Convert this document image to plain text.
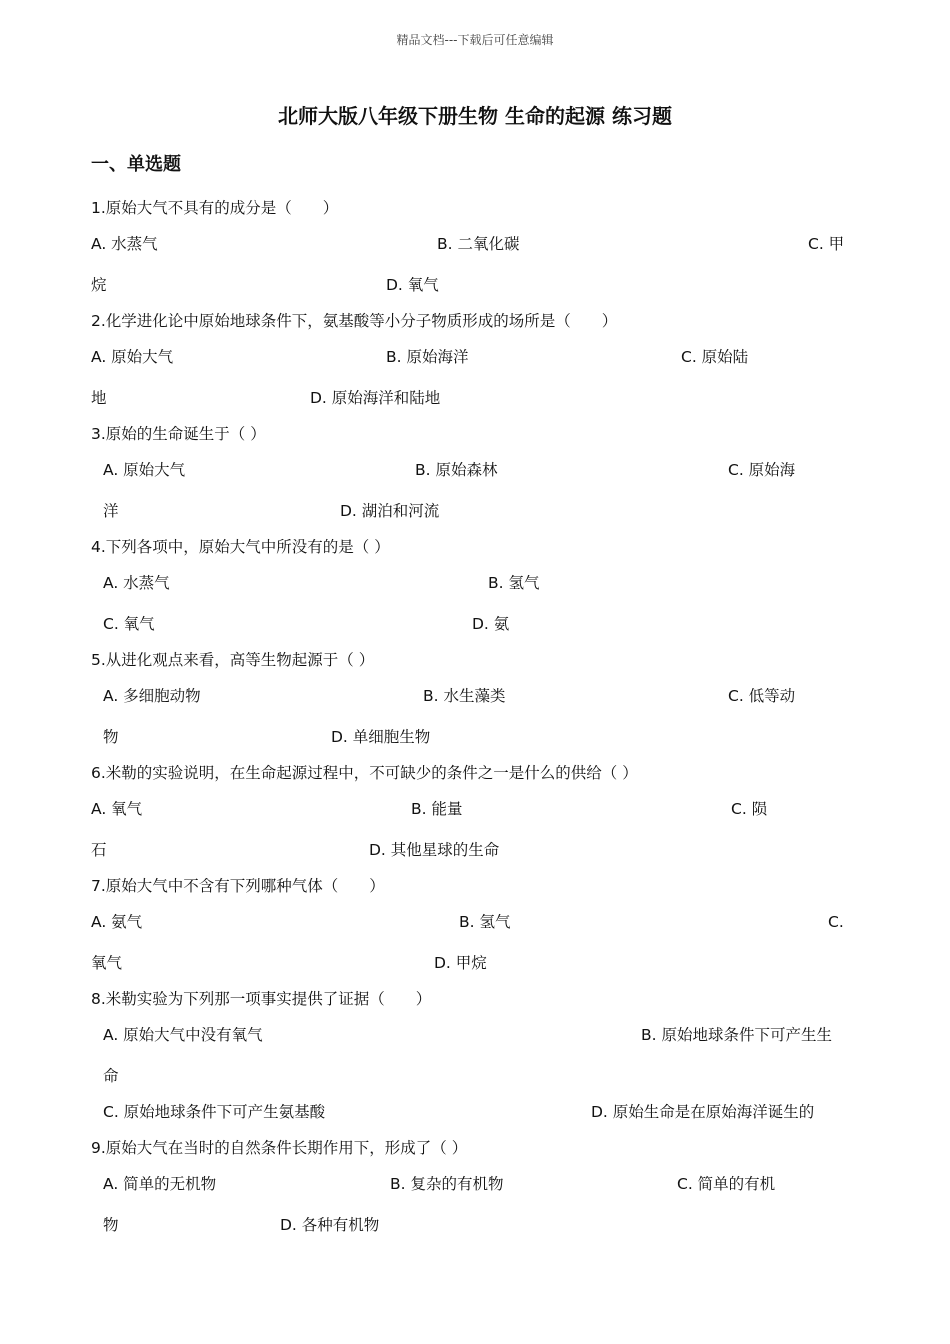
精品文档---下载后可任意编辑
北师大版八年级下册生物 生命的起源 练习题
一、单选题
1.原始大气不具有的成分是（　　）
A. 水蒸气	B. 二氧化碳	C. 甲
烷	D. 氧气
2.化学进化论中原始地球条件下，氨基酸等小分子物质形成的场所是（　　）
A. 原始大气	B. 原始海洋	C. 原始陆
地	D. 原始海洋和陆地
3.原始的生命诞生于（ ）
A. 原始大气	B. 原始森林	C. 原始海
洋	D. 湖泊和河流
4.下列各项中，原始大气中所没有的是（ ）
A. 水蒸气	B. 氢气
C. 氧气	D. 氨
5.从进化观点来看，高等生物起源于（ ）
A. 多细胞动物	B. 水生藻类	C. 低等动
物	D. 单细胞生物
6.米勒的实验说明，在生命起源过程中，不可缺少的条件之一是什么的供给（ ）
A. 氧气	B. 能量	C. 陨
石	D. 其他星球的生命
7.原始大气中不含有下列哪种气体（　　）
A. 氨气	B. 氢气	C.
氧气	D. 甲烷
8.米勒实验为下列那一项事实提供了证据（　　）
A. 原始大气中没有氧气	B. 原始地球条件下可产生生
命
C. 原始地球条件下可产生氨基酸	D. 原始生命是在原始海洋诞生的
9.原始大气在当时的自然条件长期作用下，形成了（ ）
A. 简单的无机物	B. 复杂的有机物	C. 简单的有机
物	D. 各种有机物
